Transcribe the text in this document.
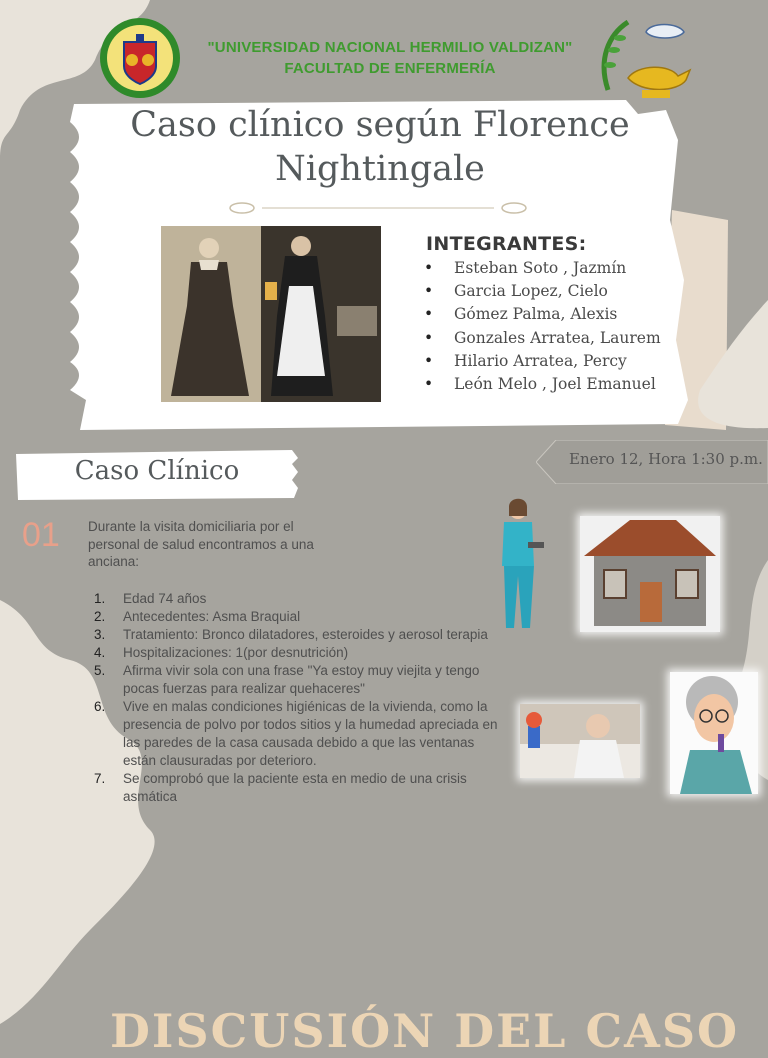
"UNIVERSIDAD NACIONAL HERMILIO VALDIZAN"
FACULTAD DE ENFERMERÍA
Caso clínico según Florence Nightingale
INTEGRANTES:
• Esteban Soto , Jazmín
• Garcia Lopez, Cielo
• Gómez Palma, Alexis
• Gonzales Arratea, Laurem
• Hilario Arratea, Percy
• León Melo , Joel Emanuel
Caso Clínico	Enero 12, Hora 1:30 p.m.
01 Durante la visita domiciliaria por el personal de salud encontramos a una anciana:
1. Edad 74 años
2. Antecedentes: Asma Braquial
3. Tratamiento: Bronco dilatadores, esteroides y aerosol terapia
4. Hospitalizaciones: 1(por desnutrición)
5. Afirma vivir sola con una frase "Ya estoy muy viejita y tengo pocas fuerzas para realizar quehaceres"
6. Vive en malas condiciones higiénicas de la vivienda, como la presencia de polvo por todos sitios y la humedad apreciada en las paredes de la casa causada debido a que las ventanas están clausuradas por deterioro.
7. Se comprobó que la paciente esta en medio de una crisis asmática
DISCUSIÓN DEL CASO
